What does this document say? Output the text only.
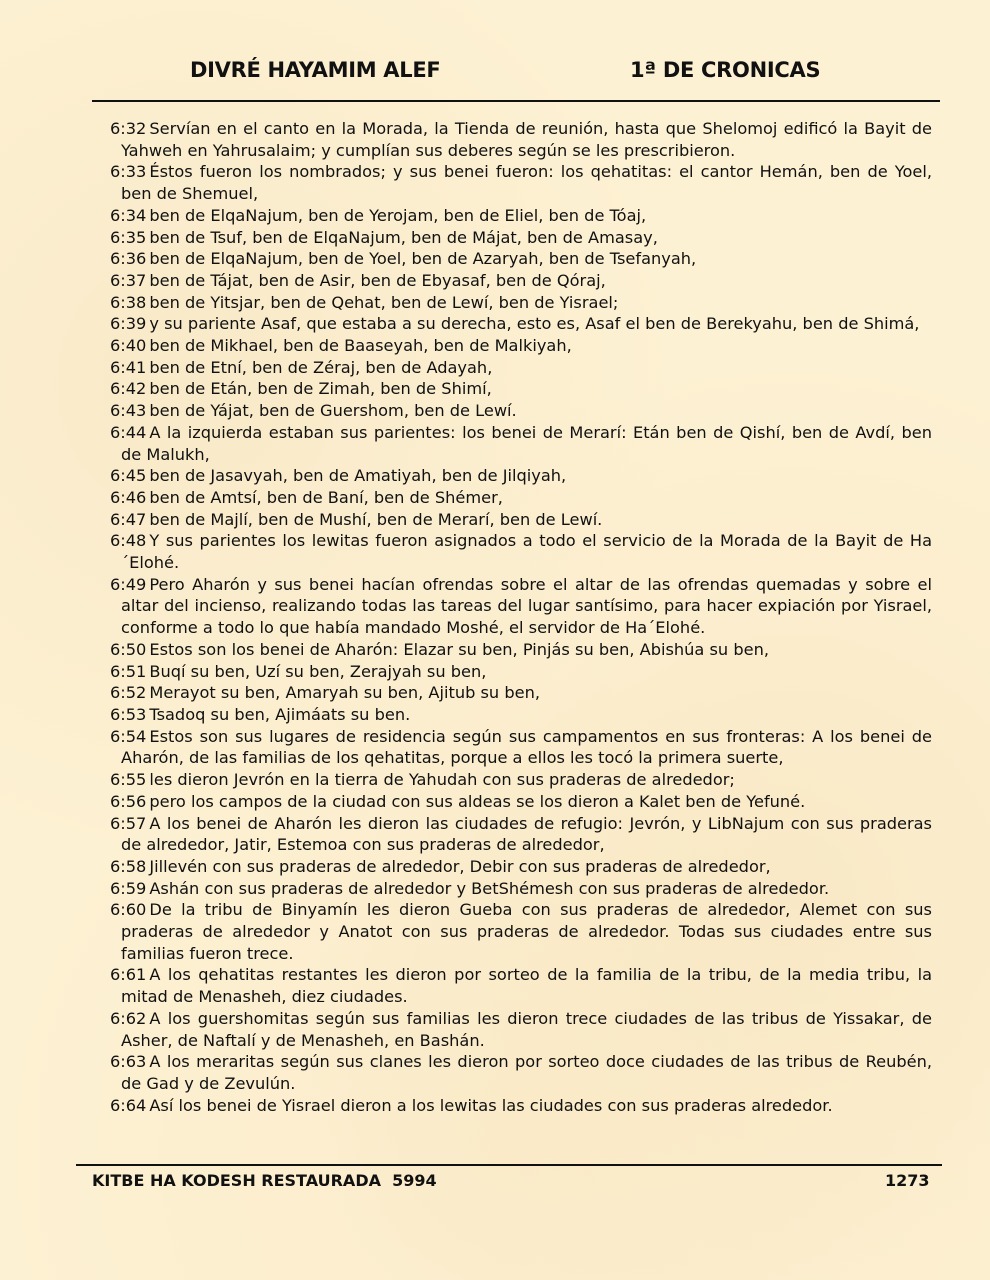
DIVRÉ HAYAMIM ALEF	1ª DE CRONICAS

6:32 Servían en el canto en la Morada, la Tienda de reunión, hasta que Shelomoj edificó la Bayit de Yahweh en Yahrusalaim; y cumplían sus deberes según se les prescribieron.

6:33 Éstos fueron los nombrados; y sus benei fueron: los qehatitas: el cantor Hemán, ben de Yoel, ben de Shemuel,

6:34 ben de ElqaNajum, ben de Yerojam, ben de Eliel, ben de Tóaj,

6:35 ben de Tsuf, ben de ElqaNajum, ben de Májat, ben de Amasay,

6:36 ben de ElqaNajum, ben de Yoel, ben de Azaryah, ben de Tsefanyah,

6:37 ben de Tájat, ben de Asir, ben de Ebyasaf, ben de Qóraj,

6:38 ben de Yitsjar, ben de Qehat, ben de Lewí, ben de Yisrael;

6:39 y su pariente Asaf, que estaba a su derecha, esto es, Asaf el ben de Berekyahu, ben de Shimá,

6:40 ben de Mikhael, ben de Baaseyah, ben de Malkiyah,

6:41 ben de Etní, ben de Zéraj, ben de Adayah,

6:42 ben de Etán, ben de Zimah, ben de Shimí,

6:43 ben de Yájat, ben de Guershom, ben de Lewí.

6:44 A la izquierda estaban sus parientes: los benei de Merarí: Etán ben de Qishí, ben de Avdí, ben de Malukh,

6:45 ben de Jasavyah, ben de Amatiyah, ben de Jilqiyah,

6:46 ben de Amtsí, ben de Baní, ben de Shémer,

6:47 ben de Majlí, ben de Mushí, ben de Merarí, ben de Lewí.

6:48 Y sus parientes los lewitas fueron asignados a todo el servicio de la Morada de la Bayit de Ha´Elohé.

6:49 Pero Aharón y sus benei hacían ofrendas sobre el altar de las ofrendas quemadas y sobre el altar del incienso, realizando todas las tareas del lugar santísimo, para hacer expiación por Yisrael, conforme a todo lo que había mandado Moshé, el servidor de Ha´Elohé.

6:50 Estos son los benei de Aharón: Elazar su ben, Pinjás su ben, Abishúa su ben,

6:51 Buqí su ben, Uzí su ben, Zerajyah su ben,

6:52 Merayot su ben, Amaryah su ben, Ajitub su ben,

6:53 Tsadoq su ben, Ajimáats su ben.

6:54 Estos son sus lugares de residencia según sus campamentos en sus fronteras: A los benei de Aharón, de las familias de los qehatitas, porque a ellos les tocó la primera suerte,

6:55 les dieron Jevrón en la tierra de Yahudah con sus praderas de alrededor;

6:56 pero los campos de la ciudad con sus aldeas se los dieron a Kalet ben de Yefuné.

6:57 A los benei de Aharón les dieron las ciudades de refugio: Jevrón, y LibNajum con sus praderas de alrededor, Jatir, Estemoa con sus praderas de alrededor,

6:58 Jillevén con sus praderas de alrededor, Debir con sus praderas de alrededor,

6:59 Ashán con sus praderas de alrededor y BetShémesh con sus praderas de alrededor.

6:60 De la tribu de Binyamín les dieron Gueba con sus praderas de alrededor, Alemet con sus praderas de alrededor y Anatot con sus praderas de alrededor. Todas sus ciudades entre sus familias fueron trece.

6:61 A los qehatitas restantes les dieron por sorteo de la familia de la tribu, de la media tribu, la mitad de Menasheh, diez ciudades.

6:62 A los guershomitas según sus familias les dieron trece ciudades de las tribus de Yissakar, de Asher, de Naftalí y de Menasheh, en Bashán.

6:63 A los meraritas según sus clanes les dieron por sorteo doce ciudades de las tribus de Reubén, de Gad y de Zevulún.

6:64 Así los benei de Yisrael dieron a los lewitas las ciudades con sus praderas alrededor.

KITBE HA KODESH RESTAURADA  5994	1273
